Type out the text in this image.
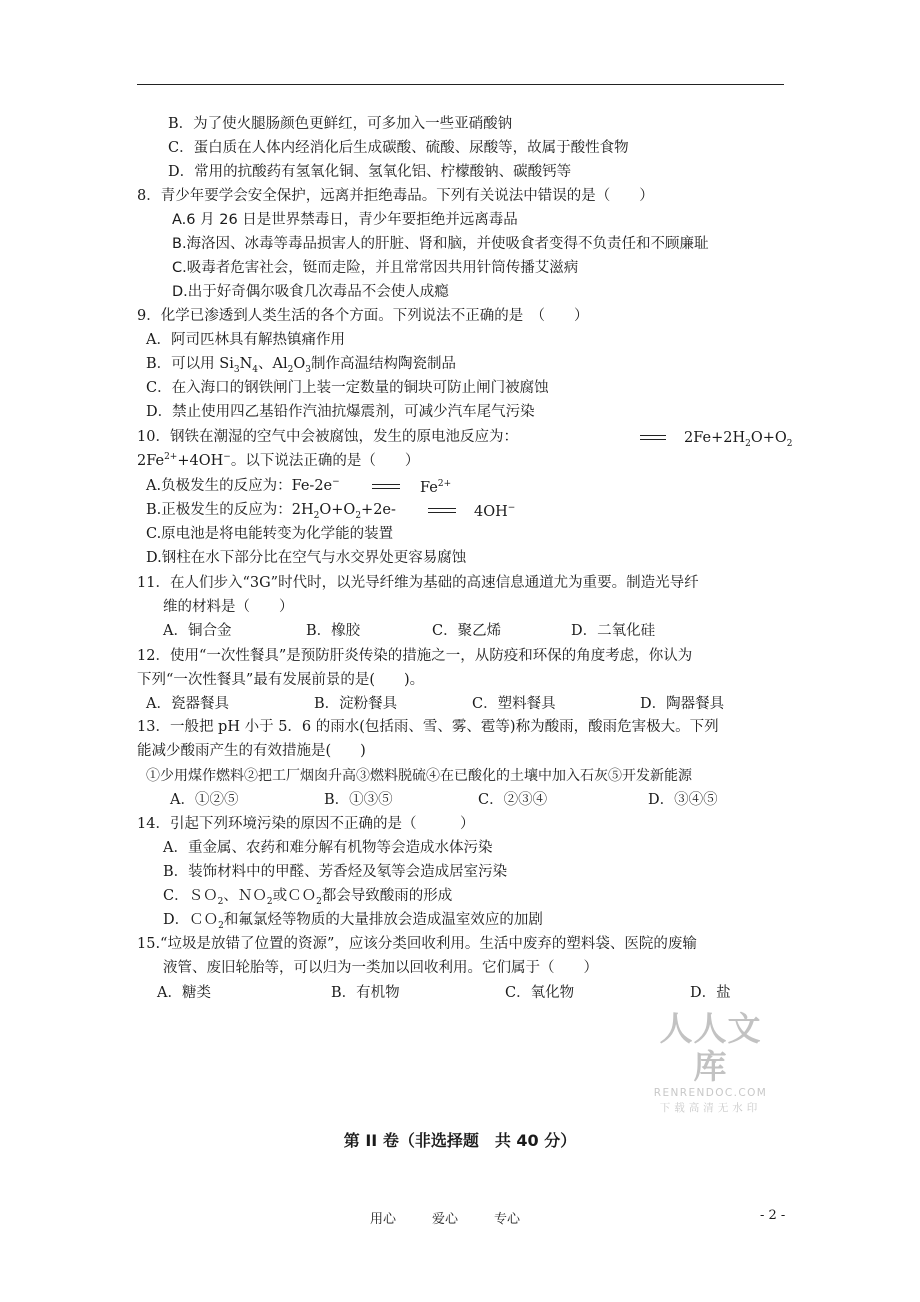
B．为了使火腿肠颜色更鲜红，可多加入一些亚硝酸钠
C．蛋白质在人体内经消化后生成碳酸、硫酸、尿酸等，故属于酸性食物
D．常用的抗酸药有氢氧化铜、氢氧化铝、柠檬酸钠、碳酸钙等
8．青少年要学会安全保护，远离并拒绝毒品。下列有关说法中错误的是（　　）
A.6 月 26 日是世界禁毒日，青少年要拒绝并远离毒品
B.海洛因、冰毒等毒品损害人的肝脏、肾和脑，并使吸食者变得不负责任和不顾廉耻
C.吸毒者危害社会，铤而走险，并且常常因共用针筒传播艾滋病
D.出于好奇偶尔吸食几次毒品不会使人成瘾
9．化学已渗透到人类生活的各个方面。下列说法不正确的是　（　　）
A．阿司匹林具有解热镇痛作用
B．可以用 $Si_3N_4$、$Al_2O_3$制作高温结构陶瓷制品
C．在入海口的钢铁闸门上装一定数量的铜块可防止闸门被腐蚀
D．禁止使用四乙基铅作汽油抗爆震剂，可减少汽车尾气污染
10．钢铁在潮湿的空气中会被腐蚀，发生的原电池反应为：	$2Fe+2H_2O+O_2$
$2Fe^{2+}+4OH^-$。以下说法正确的是（　　）
A.负极发生的反应为：Fe-2e−	$Fe^{2+}$
B.正极发生的反应为：$2H_2O+O_2+2e-$	4OH−
C.原电池是将电能转变为化学能的装置
D.钢柱在水下部分比在空气与水交界处更容易腐蚀
11．在人们步入“3G”时代时，以光导纤维为基础的高速信息通道尤为重要。制造光导纤
维的材料是（　　）
A．铜合金	B．橡胶	C．聚乙烯	D．二氧化硅
12．使用“一次性餐具”是预防肝炎传染的措施之一，从防疫和环保的角度考虑，你认为
下列“一次性餐具”最有发展前景的是(　　)。
A．瓷器餐具	B．淀粉餐具	C．塑料餐具	D．陶器餐具
13．一般把 pH 小于 5．6 的雨水(包括雨、雪、雾、雹等)称为酸雨，酸雨危害极大。下列
能减少酸雨产生的有效措施是(　　)
①少用煤作燃料②把工厂烟囱升高③燃料脱硫④在已酸化的土壤中加入石灰⑤开发新能源
A．①②⑤	B．①③⑤	C．②③④	D．③④⑤
14．引起下列环境污染的原因不正确的是（　　　）
A．重金属、农药和难分解有机物等会造成水体污染
B．装饰材料中的甲醛、芳香烃及氡等会造成居室污染
C．ＳＯ$_2$、ＮＯ$_2$或ＣＯ$_2$都会导致酸雨的形成
D．ＣＯ$_2$和氟氯烃等物质的大量排放会造成温室效应的加剧
15.“垃圾是放错了位置的资源”，应该分类回收利用。生活中废弃的塑料袋、医院的废输
液管、废旧轮胎等，可以归为一类加以回收利用。它们属于（　　）
A．糖类	B．有机物	C．氧化物	D．盐
人人文库
RENRENDOC.COM
下载高清无水印
第 II 卷（非选择题　共 40 分）
用心	爱心	专心	- 2 -
